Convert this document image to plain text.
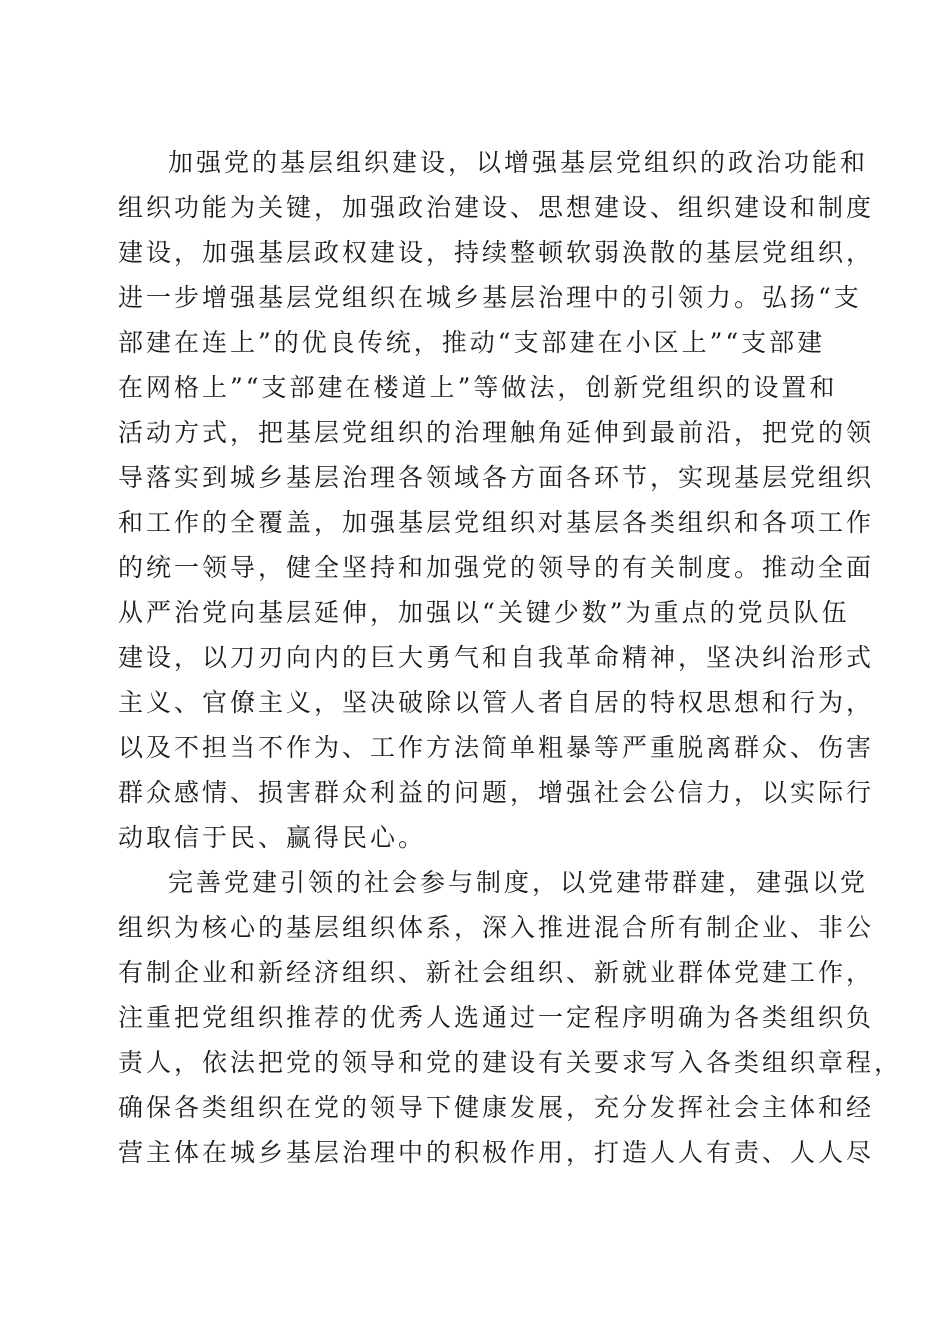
加强党的基层组织建设，以增强基层党组织的政治功能和
组织功能为关键，加强政治建设、思想建设、组织建设和制度
建设，加强基层政权建设，持续整顿软弱涣散的基层党组织，
进一步增强基层党组织在城乡基层治理中的引领力。弘扬“支
部建在连上”的优良传统，推动“支部建在小区上”“支部建
在网格上”“支部建在楼道上”等做法，创新党组织的设置和
活动方式，把基层党组织的治理触角延伸到最前沿，把党的领
导落实到城乡基层治理各领域各方面各环节，实现基层党组织
和工作的全覆盖，加强基层党组织对基层各类组织和各项工作
的统一领导，健全坚持和加强党的领导的有关制度。推动全面
从严治党向基层延伸，加强以“关键少数”为重点的党员队伍
建设，以刀刃向内的巨大勇气和自我革命精神，坚决纠治形式
主义、官僚主义，坚决破除以管人者自居的特权思想和行为，
以及不担当不作为、工作方法简单粗暴等严重脱离群众、伤害
群众感情、损害群众利益的问题，增强社会公信力，以实际行
动取信于民、赢得民心。
完善党建引领的社会参与制度，以党建带群建，建强以党
组织为核心的基层组织体系，深入推进混合所有制企业、非公
有制企业和新经济组织、新社会组织、新就业群体党建工作，
注重把党组织推荐的优秀人选通过一定程序明确为各类组织负
责人，依法把党的领导和党的建设有关要求写入各类组织章程，
确保各类组织在党的领导下健康发展，充分发挥社会主体和经
营主体在城乡基层治理中的积极作用，打造人人有责、人人尽
